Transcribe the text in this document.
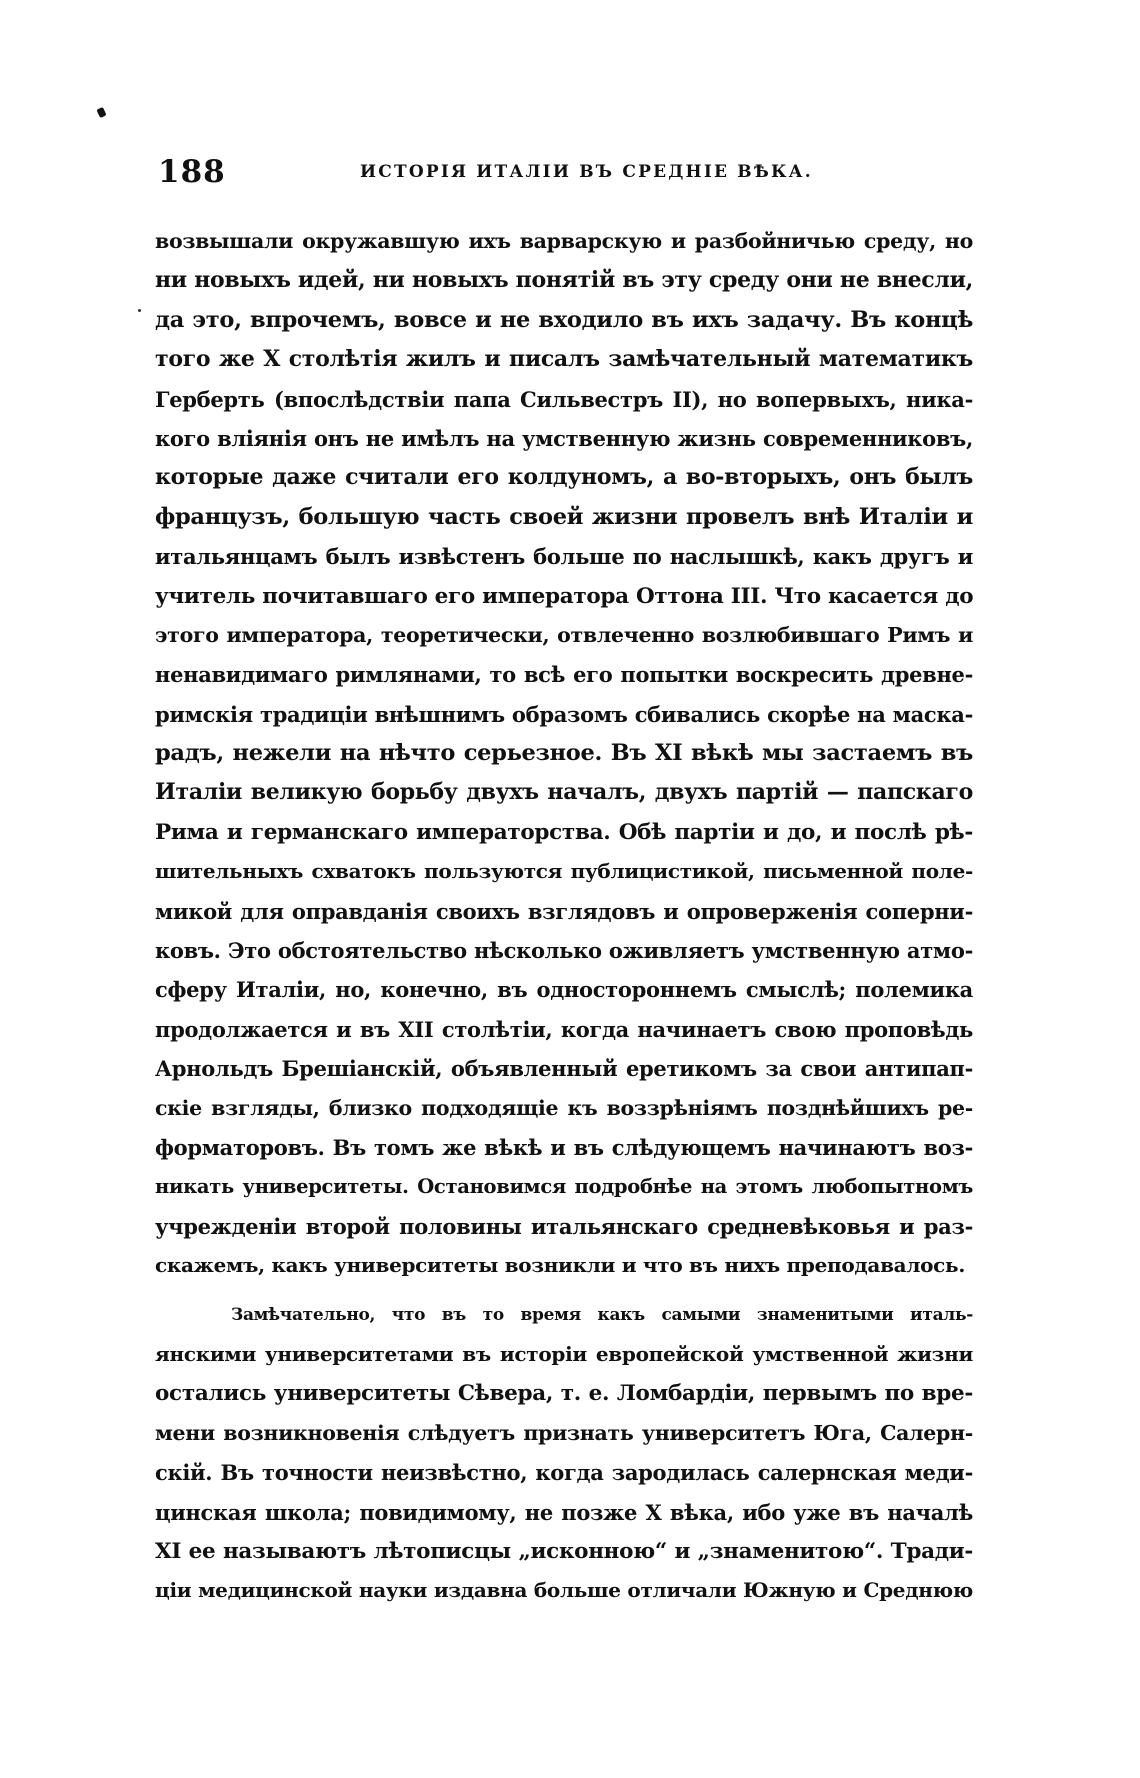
188	ИСТОРІЯ ИТАЛІИ ВЪ СРЕДНІЕ ВѢКА.
возвышали окружавшую ихъ варварскую и разбойничью среду, но
ни новыхъ идей, ни новыхъ понятій въ эту среду они не внесли,
да это, впрочемъ, вовсе и не входило въ ихъ задачу. Въ концѣ
того же X столѣтія жилъ и писалъ замѣчательный математикъ
Герберть (впослѣдствіи папа Сильвестръ II), но вопервыхъ, никa-
кого вліянія онъ не имѣлъ на умственную жизнь современниковъ,
которые даже считали его колдуномъ, а во-вторыхъ, онъ былъ
французъ, большую часть своей жизни провелъ внѣ Италіи и
итальянцамъ былъ извѣстенъ больше по наслышкѣ, какъ другъ и
учитель почитавшаго его императора Оттона III. Что касается до
этого императора, теоретически, отвлеченно возлюбившаго Римъ и
ненавидимаго римлянами, то всѣ его попытки воскресить древне-
римскія традиціи внѣшнимъ образомъ сбивались скорѣе на маска-
радъ, нежели на нѣчто серьезное. Въ XI вѣкѣ мы застаемъ въ
Италіи великую борьбу двухъ началъ, двухъ партій — папскаго
Рима и германскаго императорства. Обѣ партіи и до, и послѣ рѣ-
шительныхъ схватокъ пользуются публицистикой, письменной поле-
микой для оправданія своихъ взглядовъ и опроверженія соперни-
ковъ. Это обстоятельство нѣсколько оживляетъ умственную атмо-
сферу Италіи, но, конечно, въ одностороннемъ смыслѣ; полемика
продолжается и въ XII столѣтіи, когда начинаетъ свою проповѣдь
Арнольдъ Брешіанскій, объявленный еретикомъ за свои антипап-
скіе взгляды, близко подходящіе къ воззрѣніямъ позднѣйшихъ ре-
форматоровъ. Въ томъ же вѣкѣ и въ слѣдующемъ начинаютъ воз-
никать университеты. Остановимся подробнѣе на этомъ любопытномъ
учрежденіи второй половины итальянскаго средневѣковья и раз-
скажемъ, какъ университеты возникли и что въ нихъ преподавалось.
Замѣчательно, что въ то время какъ самыми знаменитыми италь-
янскими университетами въ исторіи европейской умственной жизни
остались университеты Сѣвера, т. е. Ломбардіи, первымъ по вре-
мени возникновенія слѣдуетъ признать университетъ Юга, Салерн-
скій. Въ точности неизвѣстно, когда зародилась салернская меди-
цинская школа; повидимому, не позже X вѣка, ибо уже въ началѣ
XI ее называютъ лѣтописцы „исконною“ и „знаменитою“. Tради-
ціи медицинской науки издавна больше отличали Южную и Среднюю
